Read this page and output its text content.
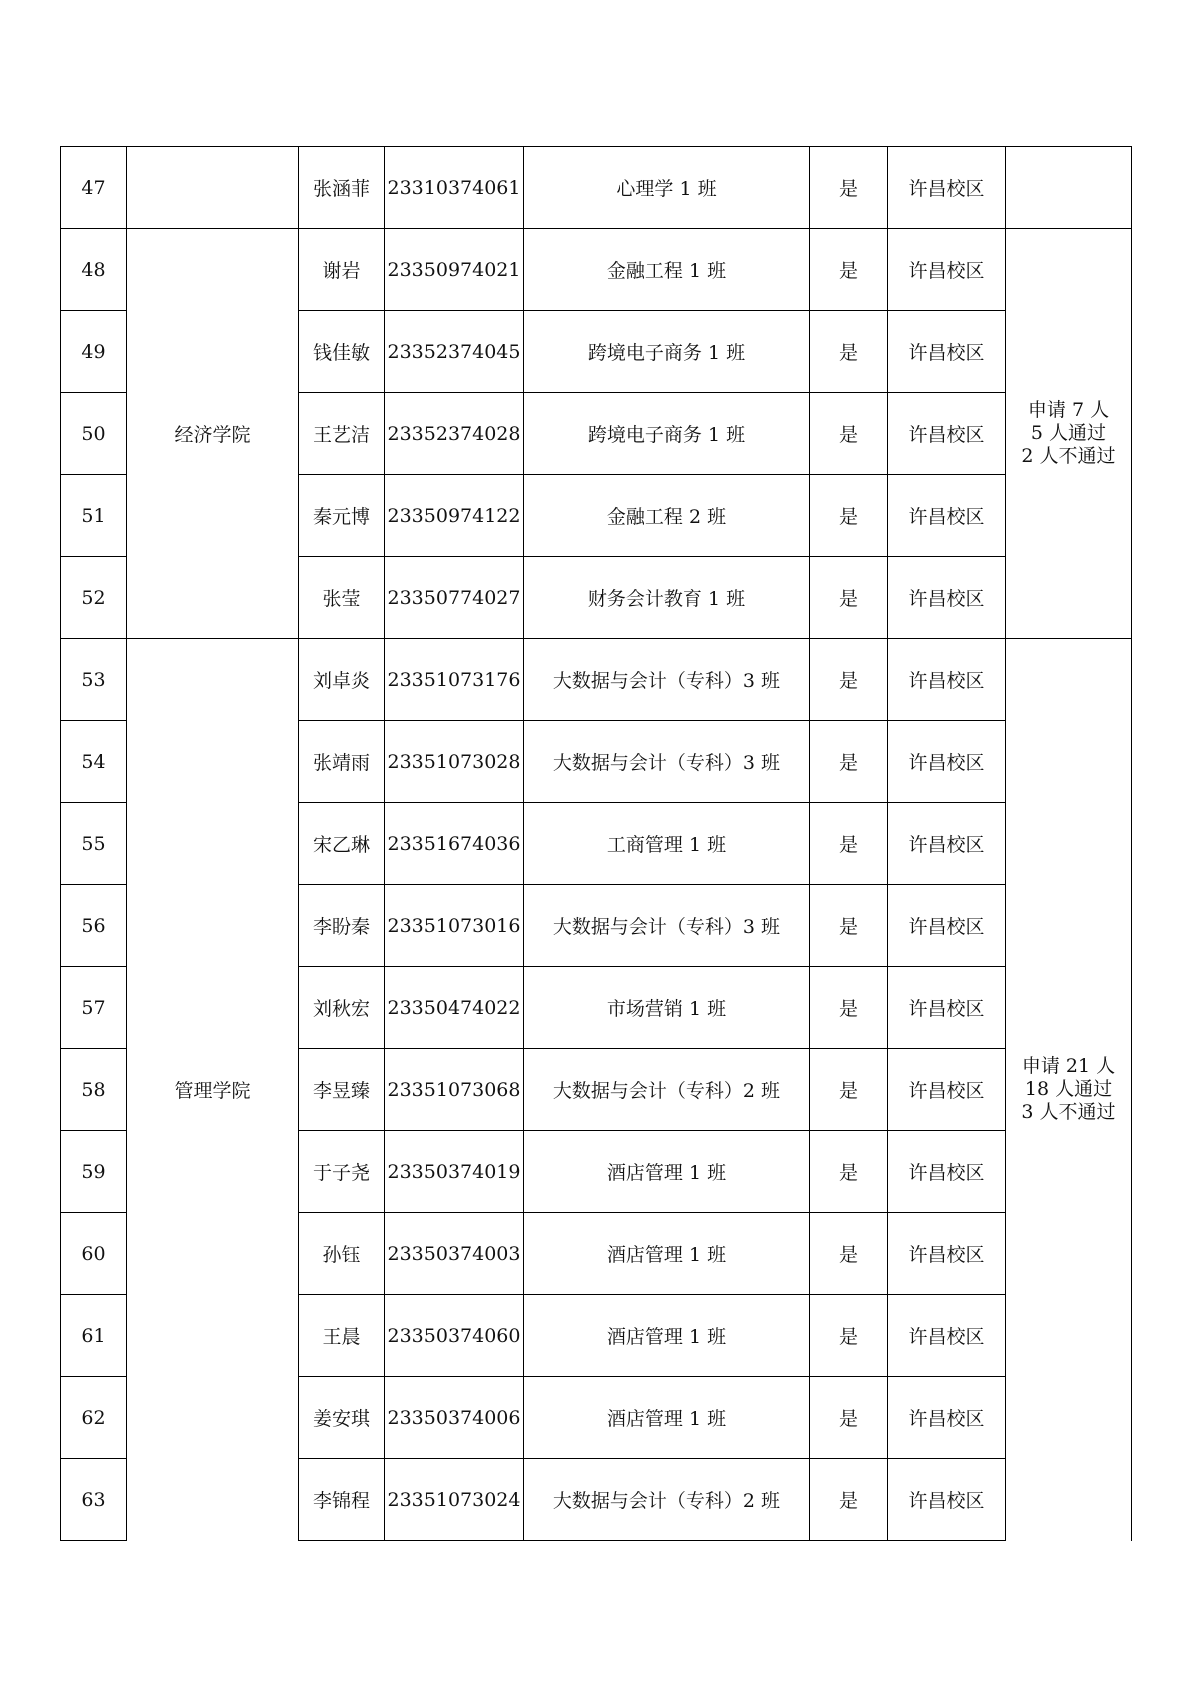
47		张涵菲	23310374061	心理学 1 班	是	许昌校区	
48	经济学院	谢岩	23350974021	金融工程 1 班	是	许昌校区	申请 7 人
5 人通过
2 人不通过

49		钱佳敏	23352374045	跨境电子商务 1 班	是	许昌校区	
50		王艺洁	23352374028	跨境电子商务 1 班	是	许昌校区	
51		秦元博	23350974122	金融工程 2 班	是	许昌校区	
52		张莹	23350774027	财务会计教育 1 班	是	许昌校区	
53	管理学院	刘卓炎	23351073176	大数据与会计（专科）3 班	是	许昌校区	申请 21 人
18 人通过
3 人不通过

54		张靖雨	23351073028	大数据与会计（专科）3 班	是	许昌校区	
55		宋乙琳	23351674036	工商管理 1 班	是	许昌校区	
56		李盼秦	23351073016	大数据与会计（专科）3 班	是	许昌校区	
57		刘秋宏	23350474022	市场营销 1 班	是	许昌校区	
58		李昱臻	23351073068	大数据与会计（专科）2 班	是	许昌校区	
59		于子尧	23350374019	酒店管理 1 班	是	许昌校区	
60		孙钰	23350374003	酒店管理 1 班	是	许昌校区	
61		王晨	23350374060	酒店管理 1 班	是	许昌校区	
62		姜安琪	23350374006	酒店管理 1 班	是	许昌校区	
63		李锦程	23351073024	大数据与会计（专科）2 班	是	许昌校区	
